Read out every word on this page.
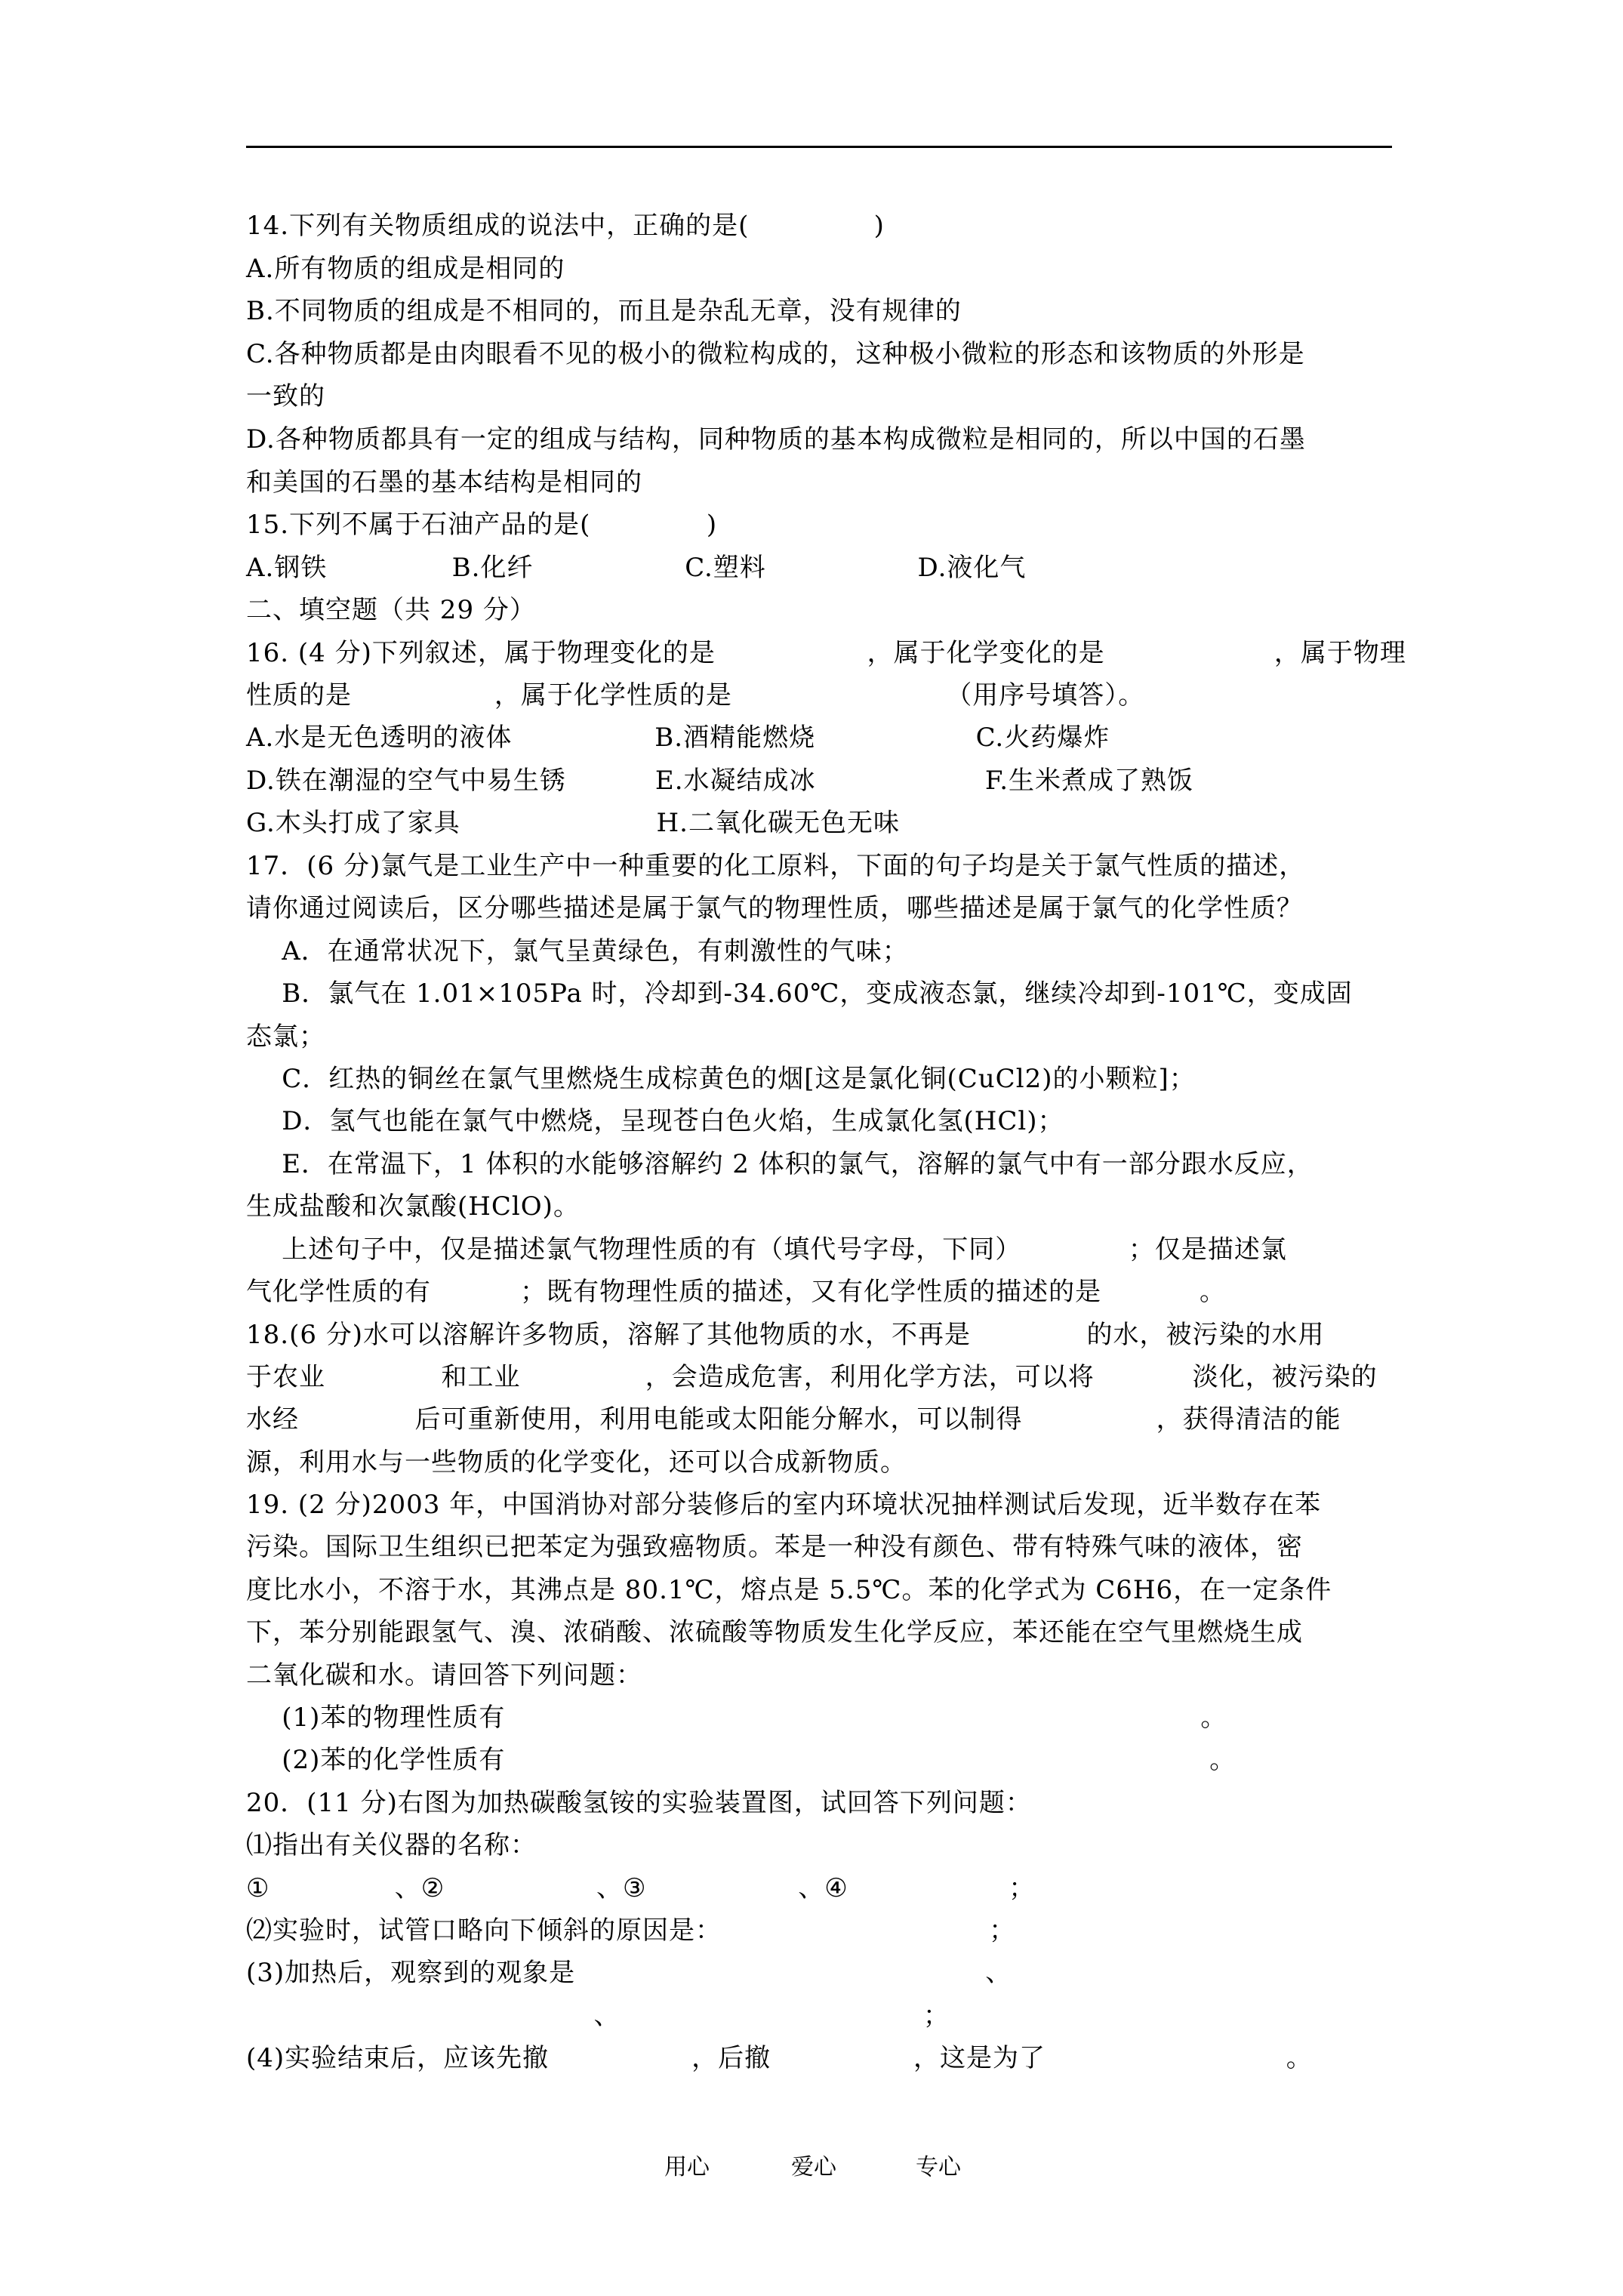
14.下列有关物质组成的说法中，正确的是(              )
A.所有物质的组成是相同的
B.不同物质的组成是不相同的，而且是杂乱无章，没有规律的
C.各种物质都是由肉眼看不见的极小的微粒构成的，这种极小微粒的形态和该物质的外形是
一致的
D.各种物质都具有一定的组成与结构，同种物质的基本构成微粒是相同的，所以中国的石墨
和美国的石墨的基本结构是相同的
15.下列不属于石油产品的是(             )
A.钢铁              B.化纤                 C.塑料                 D.液化气
二、填空题（共 29 分）
16. (4 分)下列叙述，属于物理变化的是                 ，属于化学变化的是                   ，属于物理
性质的是                ，属于化学性质的是                        （用序号填答）。
A.水是无色透明的液体                B.酒精能燃烧                  C.火药爆炸
D.铁在潮湿的空气中易生锈          E.水凝结成冰                   F.生米煮成了熟饭
G.木头打成了家具                      H.二氧化碳无色无味
17．(6 分)氯气是工业生产中一种重要的化工原料，下面的句子均是关于氯气性质的描述，
请你通过阅读后，区分哪些描述是属于氯气的物理性质，哪些描述是属于氯气的化学性质？
A．在通常状况下，氯气呈黄绿色，有刺激性的气味；
B．氯气在 1.01×105Pa 时，冷却到-34.60℃，变成液态氯，继续冷却到-101℃，变成固
态氯；
C．红热的铜丝在氯气里燃烧生成棕黄色的烟[这是氯化铜(CuCl2)的小颗粒]；
D．氢气也能在氯气中燃烧，呈现苍白色火焰，生成氯化氢(HCl)；
E．在常温下，1 体积的水能够溶解约 2 体积的氯气，溶解的氯气中有一部分跟水反应，
生成盐酸和次氯酸(HClO)。
上述句子中，仅是描述氯气物理性质的有（填代号字母，下同）            ；仅是描述氯
气化学性质的有          ；既有物理性质的描述，又有化学性质的描述的是           。
18.(6 分)水可以溶解许多物质，溶解了其他物质的水，不再是             的水，被污染的水用
于农业             和工业              ，会造成危害，利用化学方法，可以将           淡化，被污染的
水经             后可重新使用，利用电能或太阳能分解水，可以制得               ，获得清洁的能
源，利用水与一些物质的化学变化，还可以合成新物质。
19. (2 分)2003 年，中国消协对部分装修后的室内环境状况抽样测试后发现，近半数存在苯
污染。国际卫生组织已把苯定为强致癌物质。苯是一种没有颜色、带有特殊气味的液体，密
度比水小，不溶于水，其沸点是 80.1℃，熔点是 5.5℃。苯的化学式为 C6H6，在一定条件
下，苯分别能跟氢气、溴、浓硝酸、浓硫酸等物质发生化学反应，苯还能在空气里燃烧生成
二氧化碳和水。请回答下列问题：
(1)苯的物理性质有                                                                              。
(2)苯的化学性质有                                                                               。
20．(11 分)右图为加热碳酸氢铵的实验装置图，试回答下列问题：
⑴指出有关仪器的名称：
①              、②                 、③                 、④                  ；
⑵实验时，试管口略向下倾斜的原因是：                              ；
(3)加热后，观察到的观象是                                              、
、                                  ；
(4)实验结束后，应该先撤                ，后撤                ，这是为了                           。
用心	爱心	专心
